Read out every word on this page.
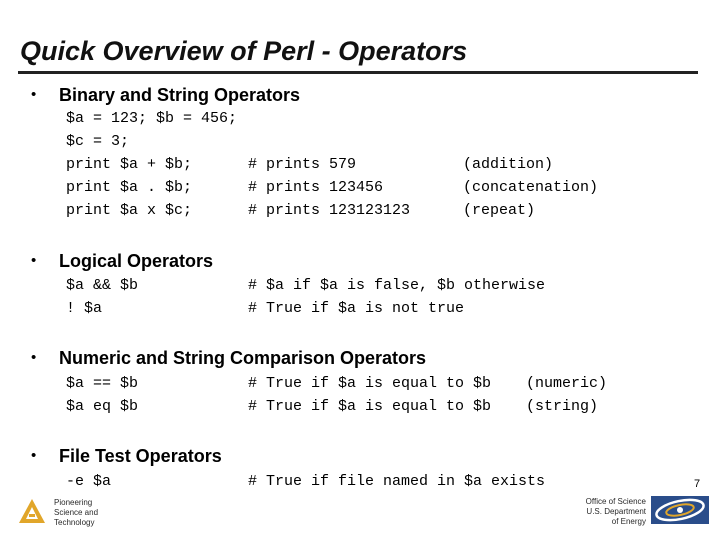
Quick Overview of Perl - Operators
• Binary and String Operators
$a = 123; $b = 456;
$c = 3;
print $a + $b;	# prints 579	(addition)
print $a . $b;	# prints 123456	(concatenation)
print $a x $c;	# prints 123123123	(repeat)
• Logical Operators
$a && $b	# $a if $a is false, $b otherwise
! $a	# True if $a is not true
• Numeric and String Comparison Operators
$a == $b	# True if $a is equal to $b (numeric)
$a eq $b	# True if $a is equal to $b (string)
• File Test Operators
-e $a	# True if file named in $a exists	7
Pioneering
Science and
Technology
Office of Science
U.S. Department
of Energy
